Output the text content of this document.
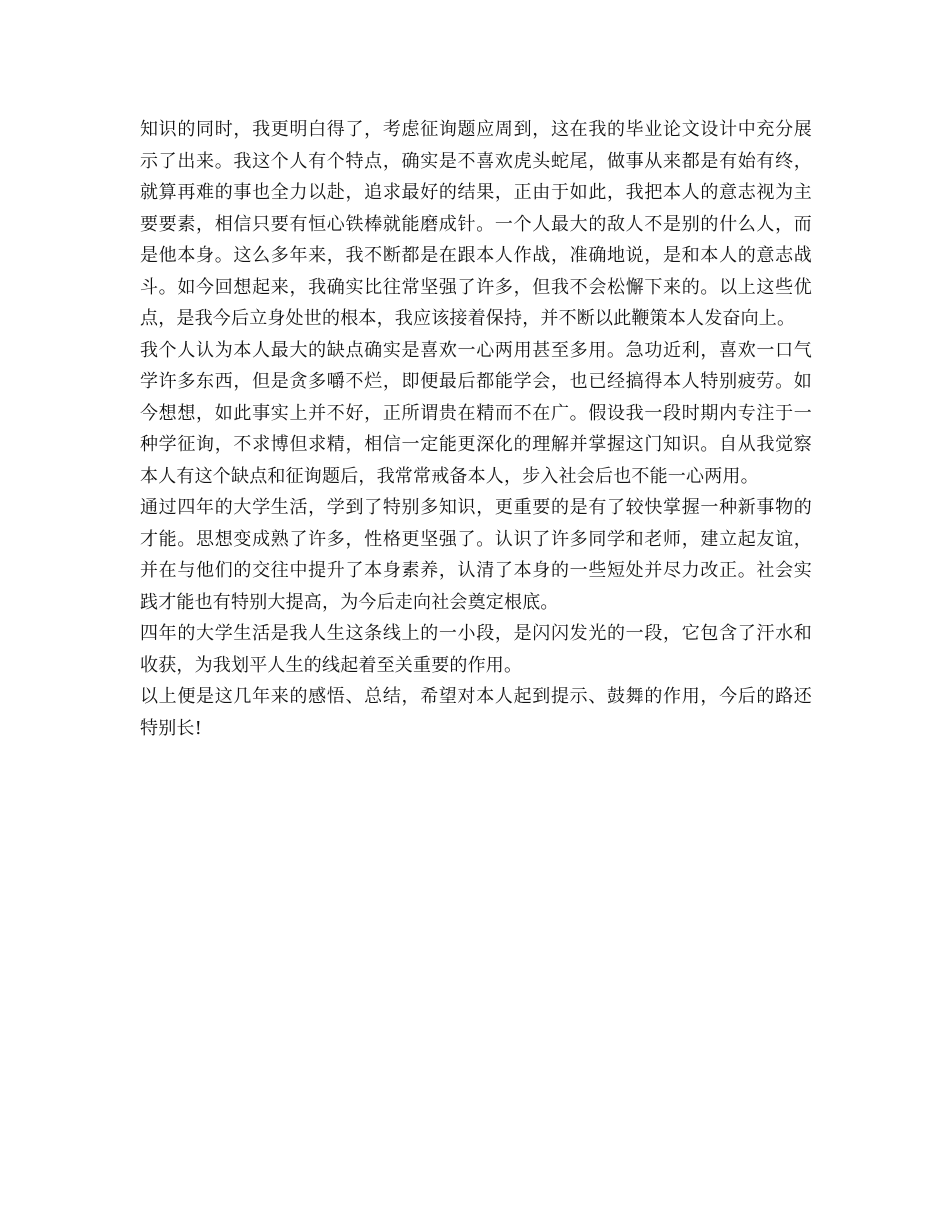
知识的同时，我更明白得了，考虑征询题应周到，这在我的毕业论文设计中充分展示了出来。我这个人有个特点，确实是不喜欢虎头蛇尾，做事从来都是有始有终，就算再难的事也全力以赴，追求最好的结果，正由于如此，我把本人的意志视为主要要素，相信只要有恒心铁棒就能磨成针。一个人最大的敌人不是别的什么人，而是他本身。这么多年来，我不断都是在跟本人作战，准确地说，是和本人的意志战斗。如今回想起来，我确实比往常坚强了许多，但我不会松懈下来的。以上这些优点，是我今后立身处世的根本，我应该接着保持，并不断以此鞭策本人发奋向上。

我个人认为本人最大的缺点确实是喜欢一心两用甚至多用。急功近利，喜欢一口气学许多东西，但是贪多嚼不烂，即便最后都能学会，也已经搞得本人特别疲劳。如今想想，如此事实上并不好，正所谓贵在精而不在广。假设我一段时期内专注于一种学征询，不求博但求精，相信一定能更深化的理解并掌握这门知识。自从我觉察本人有这个缺点和征询题后，我常常戒备本人，步入社会后也不能一心两用。

通过四年的大学生活，学到了特别多知识，更重要的是有了较快掌握一种新事物的才能。思想变成熟了许多，性格更坚强了。认识了许多同学和老师，建立起友谊，并在与他们的交往中提升了本身素养，认清了本身的一些短处并尽力改正。社会实践才能也有特别大提高，为今后走向社会奠定根底。

四年的大学生活是我人生这条线上的一小段，是闪闪发光的一段，它包含了汗水和收获，为我划平人生的线起着至关重要的作用。

以上便是这几年来的感悟、总结，希望对本人起到提示、鼓舞的作用，今后的路还特别长!
